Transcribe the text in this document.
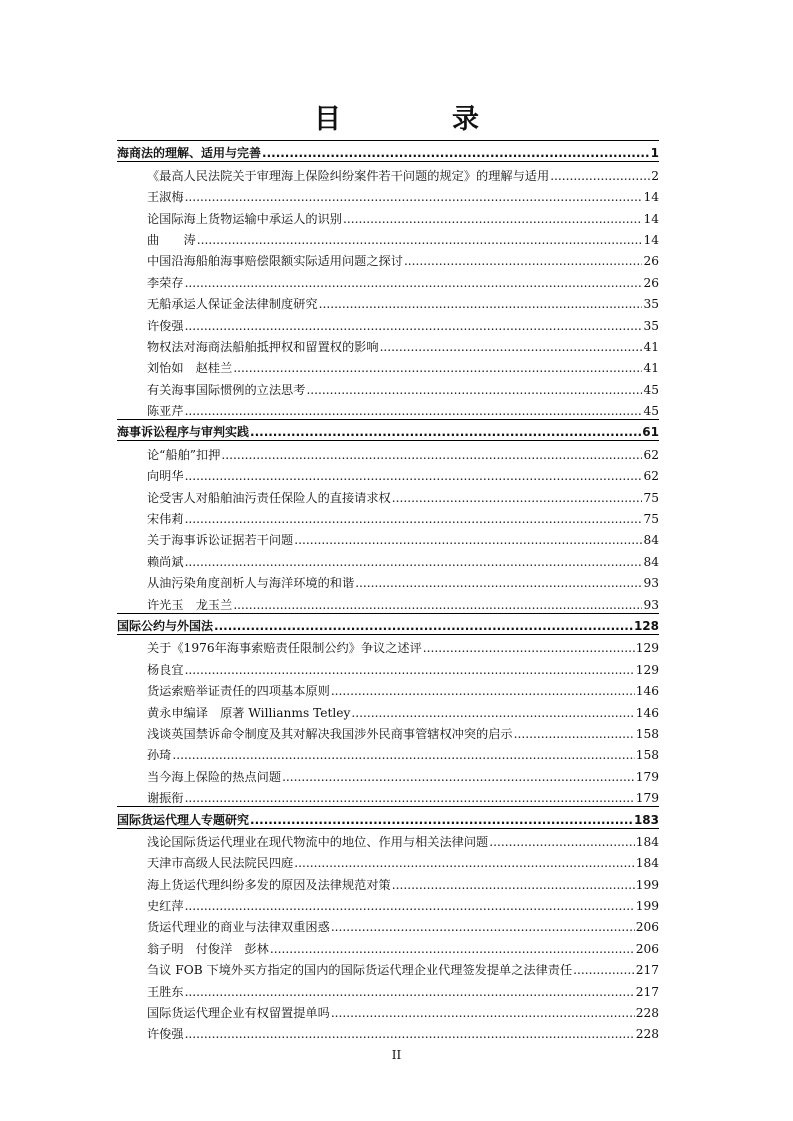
目　录
海商法的理解、适用与完善 .....	1
《最高人民法院关于审理海上保险纠纷案件若干问题的规定》的理解与适用 .....	2
王淑梅 .....	14
论国际海上货物运输中承运人的识别 .....	14
曲　　涛 .....	14
中国沿海船舶海事赔偿限额实际适用问题之探讨 .....	26
李荣存 .....	26
无船承运人保证金法律制度研究 .....	35
许俊强 .....	35
物权法对海商法船舶抵押权和留置权的影响 .....	41
刘怡如　赵桂兰 .....	41
有关海事国际惯例的立法思考 .....	45
陈亚芹 .....	45
海事诉讼程序与审判实践 .....	61
论“船舶”扣押 .....	62
向明华 .....	62
论受害人对船舶油污责任保险人的直接请求权 .....	75
宋伟莉 .....	75
关于海事诉讼证据若干问题 .....	84
赖尚斌 .....	84
从油污染角度剖析人与海洋环境的和谐 .....	93
许光玉　龙玉兰 .....	93
国际公约与外国法 .....	128
关于《1976年海事索赔责任限制公约》争议之述评 .....	129
杨良宜 .....	129
货运索赔举证责任的四项基本原则 .....	146
黄永申编译　原著 Willianms Tetley .....	146
浅谈英国禁诉命令制度及其对解决我国涉外民商事管辖权冲突的启示 .....	158
孙琦 .....	158
当今海上保险的热点问题 .....	179
谢振衔 .....	179
国际货运代理人专题研究 .....	183
浅论国际货运代理业在现代物流中的地位、作用与相关法律问题 .....	184
天津市高级人民法院民四庭 .....	184
海上货运代理纠纷多发的原因及法律规范对策 .....	199
史红萍 .....	199
货运代理业的商业与法律双重困惑 .....	206
翁子明　付俊洋　彭林 .....	206
刍议 FOB 下境外买方指定的国内的国际货运代理企业代理签发提单之法律责任 .....	217
王胜东 .....	217
国际货运代理企业有权留置提单吗 .....	228
许俊强 .....	228
II
